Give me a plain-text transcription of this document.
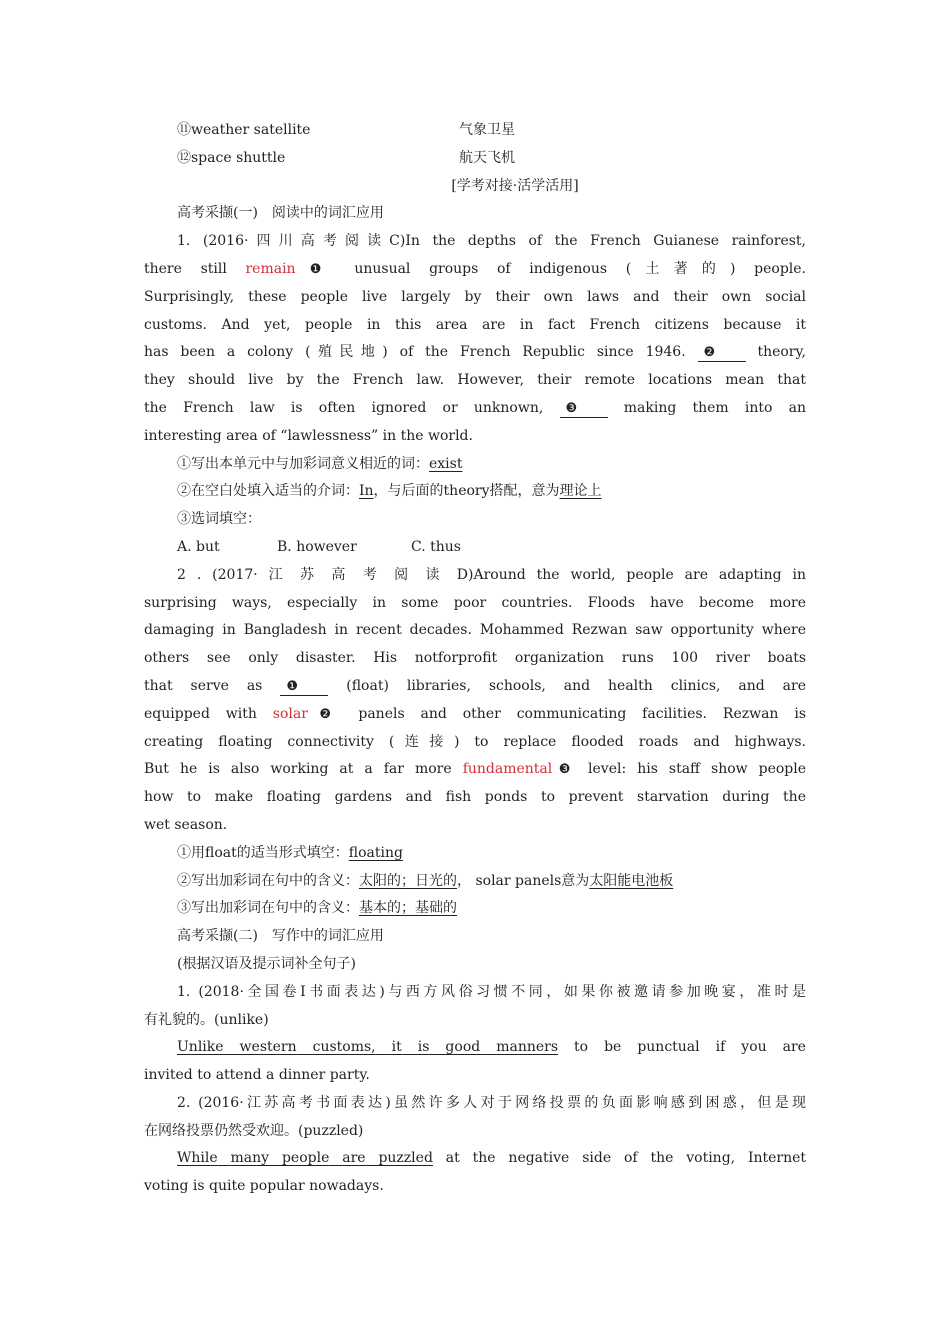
⑪weather satellite	气象卫星
⑫space shuttle	航天飞机
[学考对接·活学活用]
高考采撷(一)　阅读中的词汇应用
1. (2016·四川高考阅读C)In the depths of the French Guianese rainforest,
there still remain❶ unusual groups of indigenous (土著的) people.
Surprisingly, these people live largely by their own laws and their own social
customs. And yet, people in this area are in fact French citizens because it
has been a colony (殖民地) of the French Republic since 1946. ❷	theory,
they should live by the French law. However, their remote locations mean that
the French law is often ignored or unknown, ❸	making them into an
interesting area of “lawlessness” in the world.
①写出本单元中与加彩词意义相近的词：exist
②在空白处填入适当的介词：In，与后面的theory搭配，意为理论上
③选词填空：
A. but	B. however	C. thus
2 . (2017· 江 苏 高 考 阅 读 D)Around the world, people are adapting in
surprising ways, especially in some poor countries. Floods have become more
damaging in Bangladesh in recent decades. Mohammed Rezwan saw opportunity where
others see only disaster. His notforprofit organization runs 100 river boats
that serve as ❶	(float) libraries, schools, and health clinics, and are
equipped with solar❷ panels and other communicating facilities. Rezwan is
creating floating connectivity (连接) to replace flooded roads and highways.
But he is also working at a far more fundamental❸ level: his staff show people
how to make floating gardens and fish ponds to prevent starvation during the
wet season.
①用float的适当形式填空：floating
②写出加彩词在句中的含义：太阳的；日光的， solar panels意为太阳能电池板
③写出加彩词在句中的含义：基本的；基础的
高考采撷(二)　写作中的词汇应用
(根据汉语及提示词补全句子)
1. (2018·全国卷Ⅰ书面表达)与西方风俗习惯不同，如果你被邀请参加晚宴，准时是
有礼貌的。(unlike)
Unlike western customs, it is good manners to be punctual if you are
invited to attend a dinner party.
2. (2016·江苏高考书面表达)虽然许多人对于网络投票的负面影响感到困惑，但是现
在网络投票仍然受欢迎。(puzzled)
While many people are puzzled at the negative side of the voting, Internet
voting is quite popular nowadays.
